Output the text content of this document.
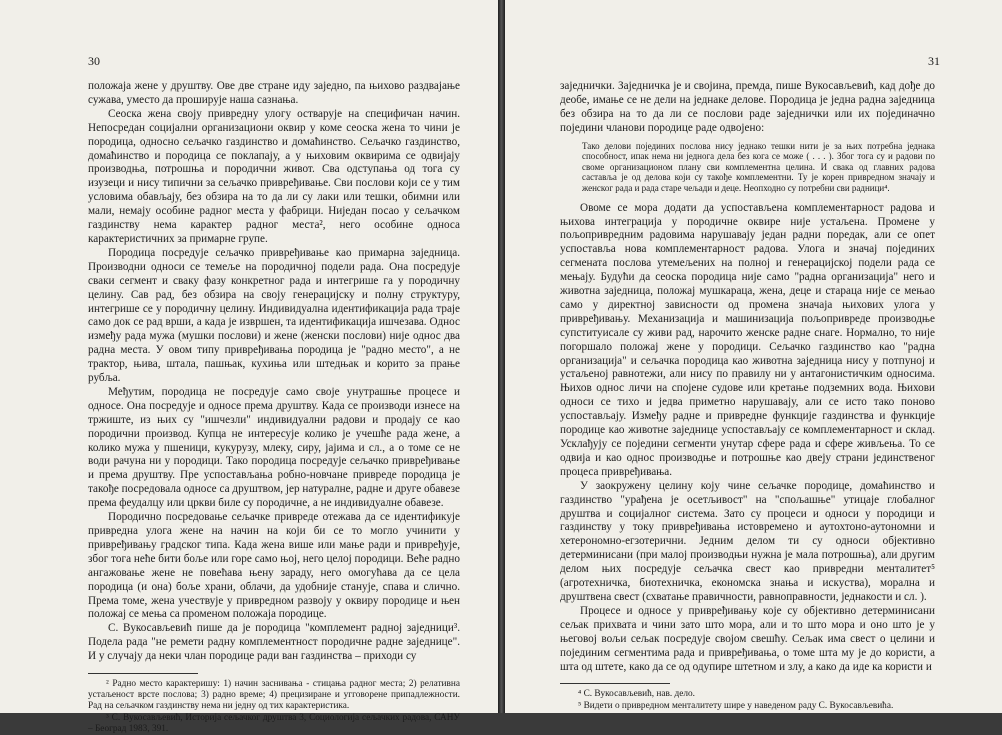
30

положаја жене у друштву. Ове две стране иду заједно, па њихово раздвајање сужава, уместо да проширује наша сазнања.

Сеоска жена своју привредну улогу остварује на специфичан начин. Непосредан социјални организациони оквир у коме сеоска жена то чини је породица, односно сељачко газдинство и домаћинство. Сељачко газдинство, домаћинство и породица се поклапају, а у њиховим оквирима се одвијају производња, потрошња и породични живот. Сва одступања од тога су изузеци и нису типични за сељачко привређивање. Сви послови који се у тим условима обављају, без обзира на то да ли су лаки или тешки, обимни или мали, немају особине радног места у фабрици. Ниједан посао у сељачком газдинству нема карактер радног места², него особине односа карактеристичних за примарне групе.

Породица посредује сељачко привређивање као примарна заједница. Производни односи се темеље на породичној подели рада. Она посредује сваки сегмент и сваку фазу конкретног рада и интегрише га у породичну целину. Сав рад, без обзира на своју генерацијску и полну структуру, интегрише се у породичну целину. Индивидуална идентификација рада траје само док се рад врши, а када је извршен, та идентификација ишчезава. Однос између рада мужа (мушки послови) и жене (женски послови) није однос два радна места. У овом типу привређивања породица је "радно место", а не трактор, њива, штала, пашњак, кухиња или штедњак и корито за прање рубља.

Међутим, породица не посредује само своје унутрашње процесе и односе. Она посредује и односе према друштву. Када се производи изнесе на тржиште, из њих су "ишчезли" индивидуални радови и продају се као породични производ. Купца не интересује колико је учешће рада жене, а колико мужа у пшеници, кукурузу, млеку, сиру, јајима и сл., а о томе се не води рачуна ни у породици. Тако породица посредује сељачко привређивање и према друштву. Пре успостављања робно-новчане привреде породица је такође посредовала односе са друштвом, јер натуралне, радне и друге обавезе према феудалцу или цркви биле су породичне, а не индивидуалне обавезе.

Породично посредовање сељачке привреде отежава да се идентификује привредна улога жене на начин на који би се то могло учинити у привређивању градског типа. Када жена више или мање ради и привређује, због тога неће бити боље или горе само њој, него целој породици. Веће радно ангажовање жене не повећава њену зараду, него омогућава да се цела породица (и она) боље храни, облачи, да удобније станује, спава и слично. Према томе, жена учествује у привредном развоју у оквиру породице и њен положај се мења са променом положаја породице.

С. Вукосављевић пише да је породица "комплемент радној заједници³. Подела рада "не ремети радну комплементност породичне радне заједнице". И у случају да неки члан породице ради ван газдинства – приходи су

² Радно место карактеришу: 1) начин заснивања - стицања радног места; 2) релативна устаљеност врсте послова; 3) радно време; 4) прецизиране и угговорене припадлежности. Рад на сељачком газдинству нема ни једну од тих карактеристика.
³ С. Вукосављевић, Историја сељачког друштва 3, Социологија сељачких радова, САНУ – Београд 1983, 391.
31

заједнички. Заједничка је и својина, премда, пише Вукосављевић, кад дође до деобе, имање се не дели на једнаке делове. Породица је једна радна заједница без обзира на то да ли се послови раде заједнички или их појединачно поједини чланови породице раде одвојено:

Тако делови појединих послова нису једнако тешки нити је за њих потребна једнака способност, ипак нема ни једнога дела без кога се може ( . . . ). Због тога су и радови по своме организационом плану сви комплементна целина. И свака од главних радова саставља је од делова који су такође комплементни. Ту је корен привредном значају и женског рада и рада старе чељади и деце. Неопходно су потребни сви радници⁴.

Овоме се мора додати да успостављена комплементарност радова и њихова интеграција у породичне оквире није устаљена. Промене у пољопривредним радовима нарушавају један радни поредак, али се опет успоставља нова комплементарност радова. Улога и значај појединих сегмената послова утемељених на полној и генерацијској подели рада се мењају. Будући да сеоска породица није само "радна организација" него и животна заједница, положај мушкараца, жена, деце и стараца није се мењао само у директној зависности од промена значаја њихових улога у привређивању. Механизација и машинизација пољопривреде производње супституисале су живи рад, нарочито женске радне снаге. Нормално, то није погоршало положај жене у породици. Сељачко газдинство као "радна организација" и сељачка породица као животна заједница нису у потпуној и устаљеној равнотежи, али нису по правилу ни у антагонистичким односима. Њихов однос личи на спојене судове или кретање подземних вода. Њихови односи се тихо и једва приметно нарушавају, али се исто тако поново успостављају. Између радне и привредне функције газдинства и функције породице као животне заједнице успостављају се комплементарност и склад. Усклађују се поједини сегменти унутар сфере рада и сфере живљења. То се одвија и као однос производње и потрошње као двеју страни јединственог процеса привређивања.

У заокружену целину коју чине сељачке породице, домаћинство и газдинство "урађена је осетљивост" на "спољашње" утицаје глобалног друштва и социјалног система. Зато су процеси и односи у породици и газдинству у току привређивања истовремено и аутохтоно-аутономни и хетерономно-егзотерични. Једним делом ти су односи објективно детерминисани (при малој производњи нужна је мала потрошња), али другим делом њих посредује сељачка свест као привредни менталитет⁵ (агротехничка, биотехничка, економска знања и искуства), морална и друштвена свест (схватање правичности, равноправности, једнакости и сл. ).

Процесе и односе у привређивању које су објективно детерминисани сељак прихвата и чини зато што мора, али и то што мора и оно што је у његовој вољи сељак посредује својом свешћу. Сељак има свест о целини и појединим сегментима рада и привређивања, о томе шта му је до користи, а шта од штете, како да се од одупире штетном и злу, а како да иде ка користи и

⁴ С. Вукосављевић, нав. дело.
⁵ Видети о привредном менталитету шире у наведеном раду С. Вукосављевића.
